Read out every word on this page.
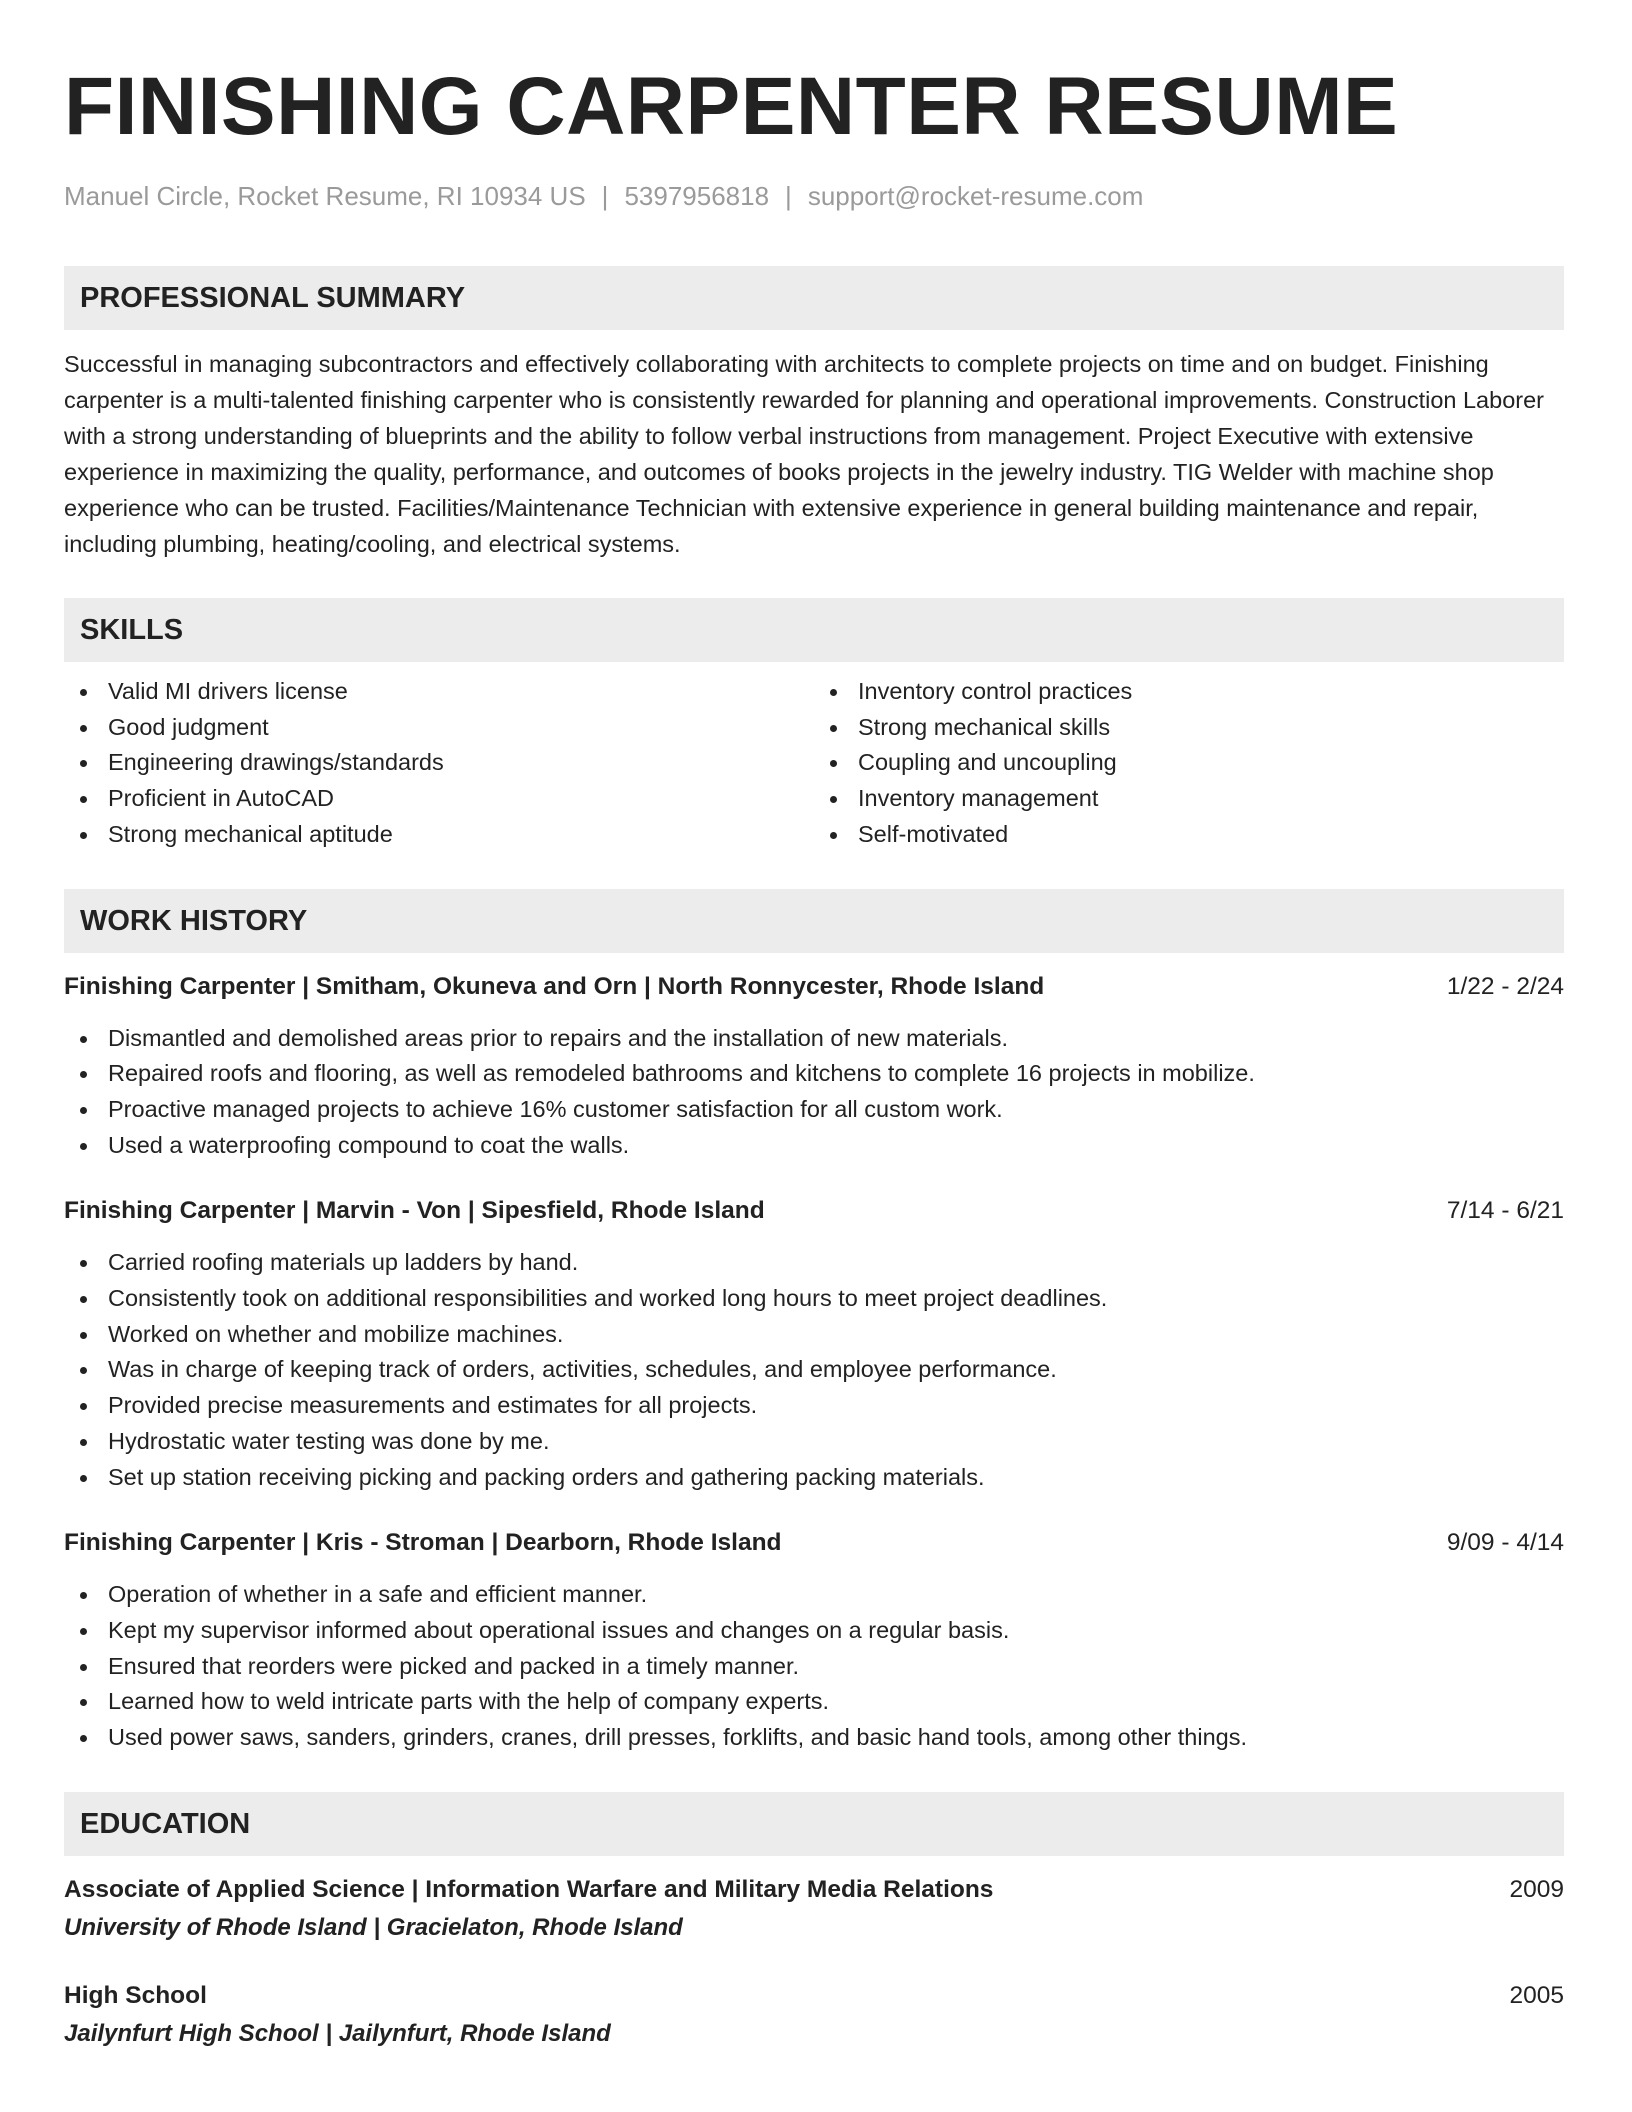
FINISHING CARPENTER RESUME
Manuel Circle, Rocket Resume, RI 10934 US | 5397956818 | support@rocket-resume.com
PROFESSIONAL SUMMARY
Successful in managing subcontractors and effectively collaborating with architects to complete projects on time and on budget. Finishing carpenter is a multi-talented finishing carpenter who is consistently rewarded for planning and operational improvements. Construction Laborer with a strong understanding of blueprints and the ability to follow verbal instructions from management. Project Executive with extensive experience in maximizing the quality, performance, and outcomes of books projects in the jewelry industry. TIG Welder with machine shop experience who can be trusted. Facilities/Maintenance Technician with extensive experience in general building maintenance and repair, including plumbing, heating/cooling, and electrical systems.
SKILLS
Valid MI drivers license
Good judgment
Engineering drawings/standards
Proficient in AutoCAD
Strong mechanical aptitude
Inventory control practices
Strong mechanical skills
Coupling and uncoupling
Inventory management
Self-motivated
WORK HISTORY
Finishing Carpenter | Smitham, Okuneva and Orn | North Ronnycester, Rhode Island	1/22 - 2/24
Dismantled and demolished areas prior to repairs and the installation of new materials.
Repaired roofs and flooring, as well as remodeled bathrooms and kitchens to complete 16 projects in mobilize.
Proactive managed projects to achieve 16% customer satisfaction for all custom work.
Used a waterproofing compound to coat the walls.
Finishing Carpenter | Marvin - Von | Sipesfield, Rhode Island	7/14 - 6/21
Carried roofing materials up ladders by hand.
Consistently took on additional responsibilities and worked long hours to meet project deadlines.
Worked on whether and mobilize machines.
Was in charge of keeping track of orders, activities, schedules, and employee performance.
Provided precise measurements and estimates for all projects.
Hydrostatic water testing was done by me.
Set up station receiving picking and packing orders and gathering packing materials.
Finishing Carpenter | Kris - Stroman | Dearborn, Rhode Island	9/09 - 4/14
Operation of whether in a safe and efficient manner.
Kept my supervisor informed about operational issues and changes on a regular basis.
Ensured that reorders were picked and packed in a timely manner.
Learned how to weld intricate parts with the help of company experts.
Used power saws, sanders, grinders, cranes, drill presses, forklifts, and basic hand tools, among other things.
EDUCATION
Associate of Applied Science | Information Warfare and Military Media Relations	2009
University of Rhode Island | Gracielaton, Rhode Island
High School	2005
Jailynfurt High School | Jailynfurt, Rhode Island
